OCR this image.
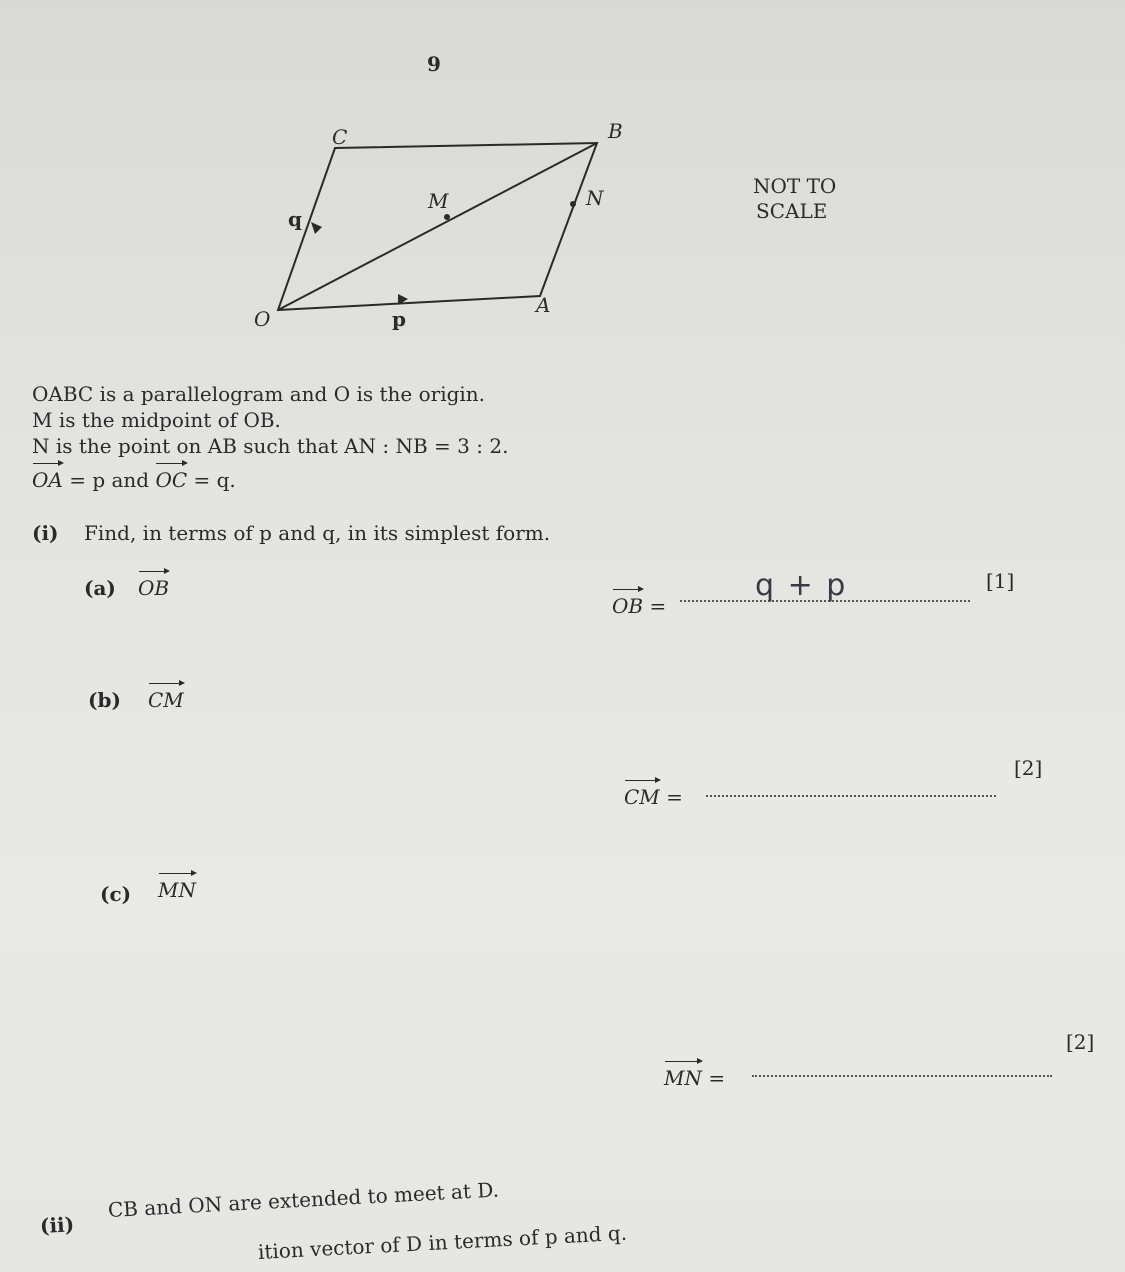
9
O
A
B
C
M	N
p
q
NOT TO
SCALE
OABC is a parallelogram and O is the origin.
M is the midpoint of OB.
N is the point on AB such that AN : NB = 3 : 2.
OA = p and OC = q.
(i) Find, in terms of p and q, in its simplest form.
(a) OB
OB =
q + p	[1]
(b) CM
CM =
[2]
(c) MN
MN =
[2]
(ii)
CB and ON are extended to meet at D.
ition vector of D in terms of p and q.
